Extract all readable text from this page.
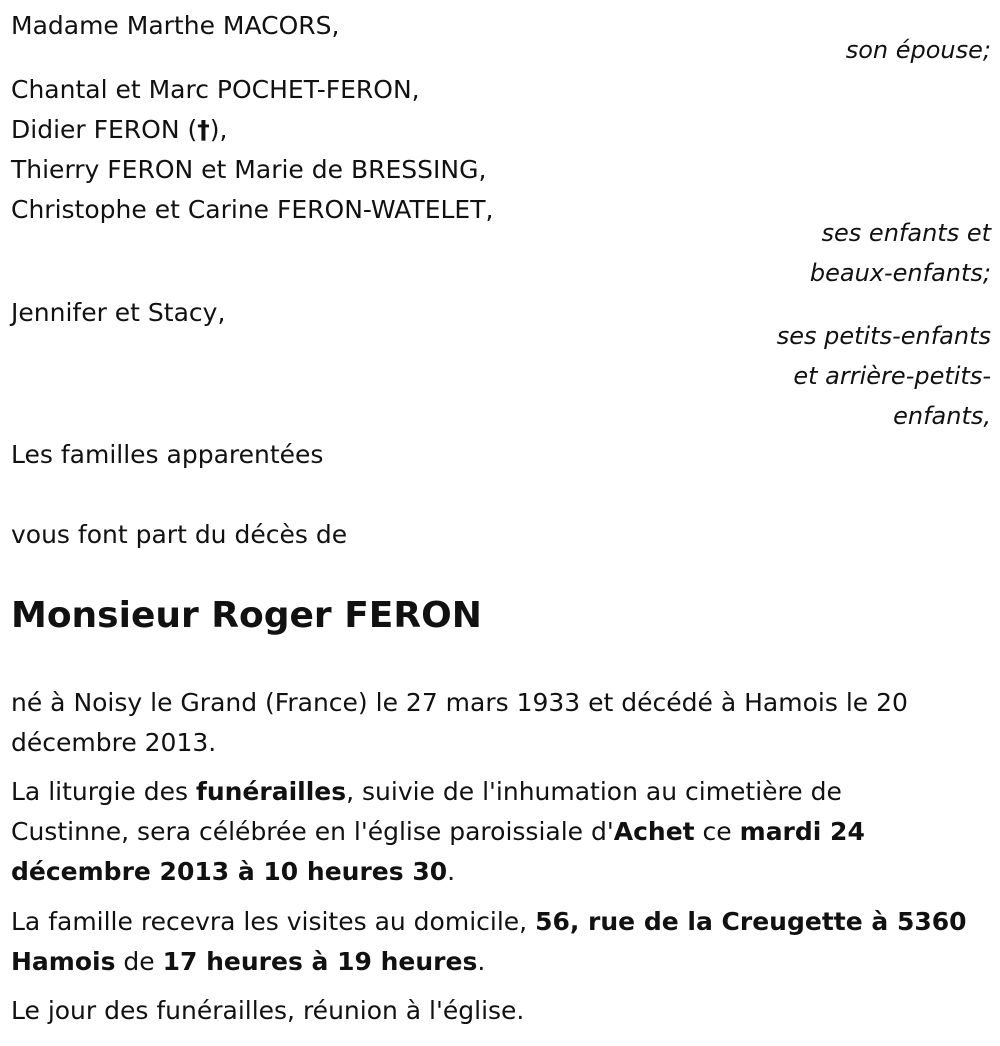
Madame Marthe MACORS,
son épouse;
Chantal et Marc POCHET-FERON,
Didier FERON (†),
Thierry FERON et Marie de BRESSING,
Christophe et Carine FERON-WATELET,
ses enfants et
beaux-enfants;
Jennifer et Stacy,
ses petits-enfants
et arrière-petits-
enfants,
Les familles apparentées
vous font part du décès de
Monsieur Roger FERON
né à Noisy le Grand (France) le 27 mars 1933 et décédé à Hamois le 20
décembre 2013.
La liturgie des funérailles, suivie de l'inhumation au cimetière de
Custinne, sera célébrée en l'église paroissiale d'Achet ce mardi 24
décembre 2013 à 10 heures 30.
La famille recevra les visites au domicile, 56, rue de la Creugette à 5360
Hamois de 17 heures à 19 heures.
Le jour des funérailles, réunion à l'église.
